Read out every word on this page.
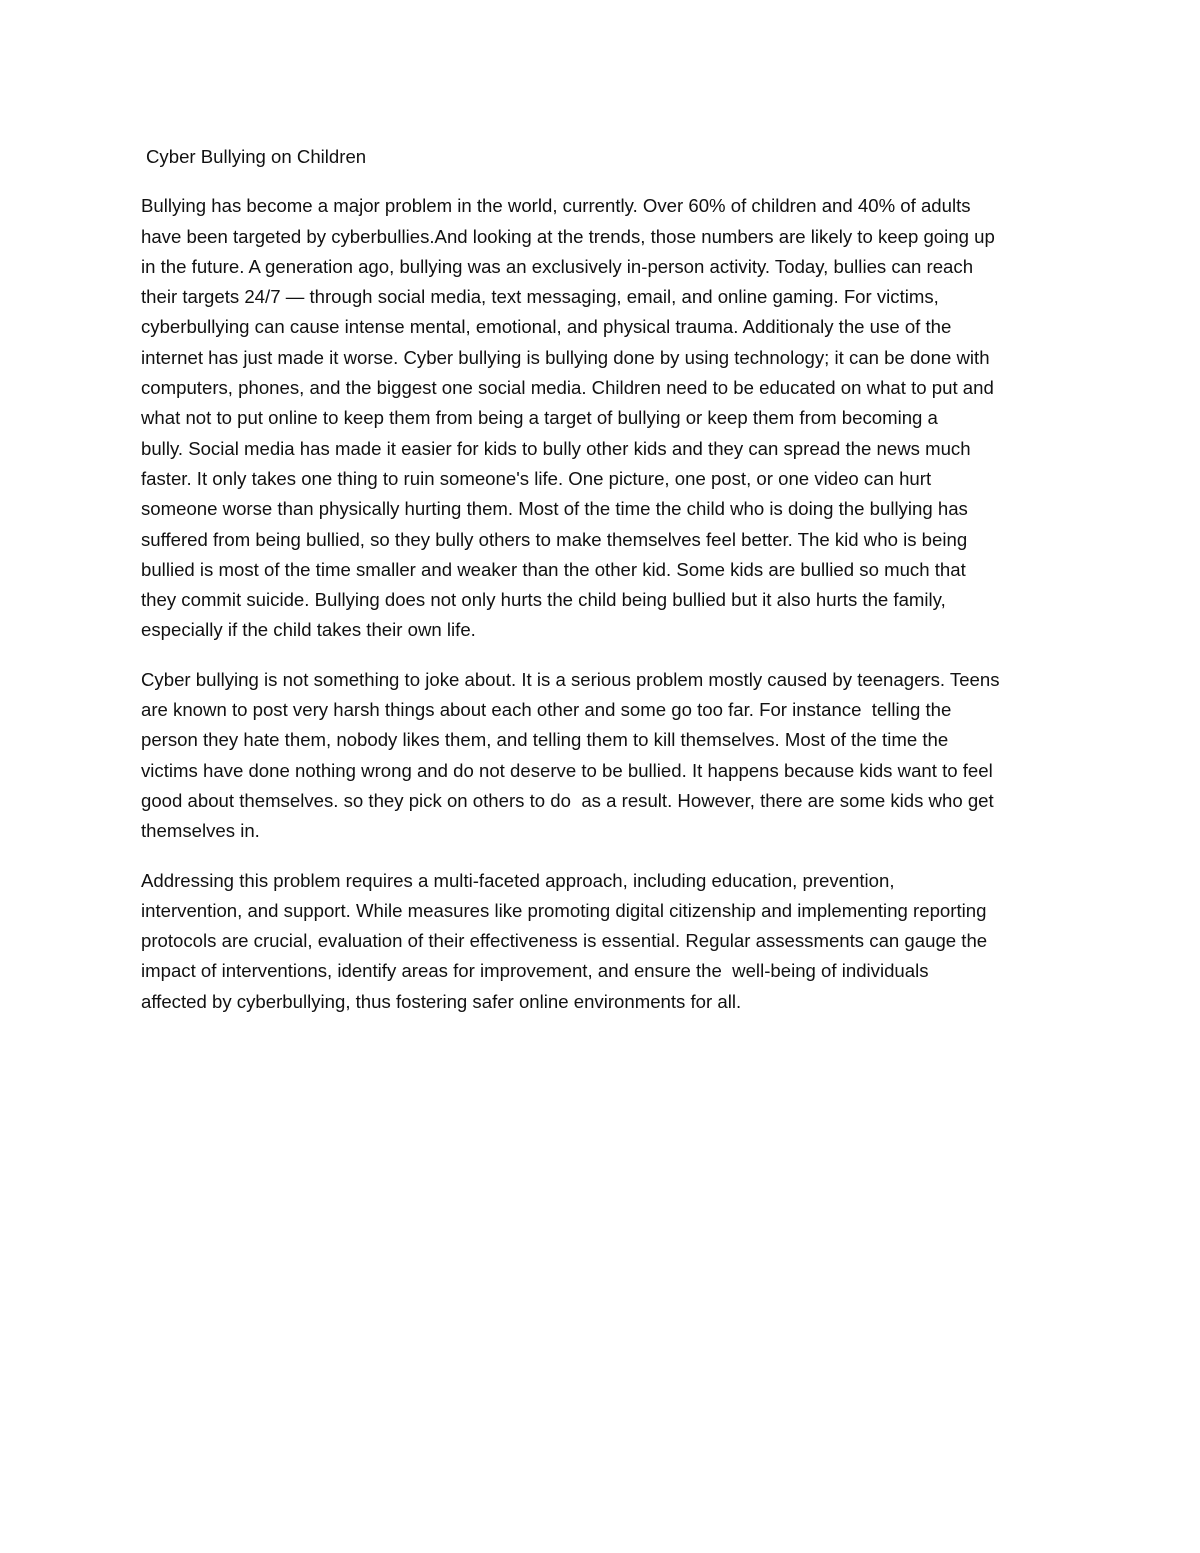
Cyber Bullying on Children
Bullying has become a major problem in the world, currently. Over 60% of children and 40% of adults
have been targeted by cyberbullies.And looking at the trends, those numbers are likely to keep going up
in the future. A generation ago, bullying was an exclusively in-person activity. Today, bullies can reach
their targets 24/7 — through social media, text messaging, email, and online gaming. For victims,
cyberbullying can cause intense mental, emotional, and physical trauma. Additionaly the use of the
internet has just made it worse. Cyber bullying is bullying done by using technology; it can be done with
computers, phones, and the biggest one social media. Children need to be educated on what to put and
what not to put online to keep them from being a target of bullying or keep them from becoming a
bully. Social media has made it easier for kids to bully other kids and they can spread the news much
faster. It only takes one thing to ruin someone's life. One picture, one post, or one video can hurt
someone worse than physically hurting them. Most of the time the child who is doing the bullying has
suffered from being bullied, so they bully others to make themselves feel better. The kid who is being
bullied is most of the time smaller and weaker than the other kid. Some kids are bullied so much that
they commit suicide. Bullying does not only hurts the child being bullied but it also hurts the family,
especially if the child takes their own life.
Cyber bullying is not something to joke about. It is a serious problem mostly caused by teenagers. Teens
are known to post very harsh things about each other and some go too far. For instance  telling the
person they hate them, nobody likes them, and telling them to kill themselves. Most of the time the
victims have done nothing wrong and do not deserve to be bullied. It happens because kids want to feel
good about themselves. so they pick on others to do  as a result. However, there are some kids who get
themselves in.
Addressing this problem requires a multi-faceted approach, including education, prevention,
intervention, and support. While measures like promoting digital citizenship and implementing reporting
protocols are crucial, evaluation of their effectiveness is essential. Regular assessments can gauge the
impact of interventions, identify areas for improvement, and ensure the  well-being of individuals
affected by cyberbullying, thus fostering safer online environments for all.
